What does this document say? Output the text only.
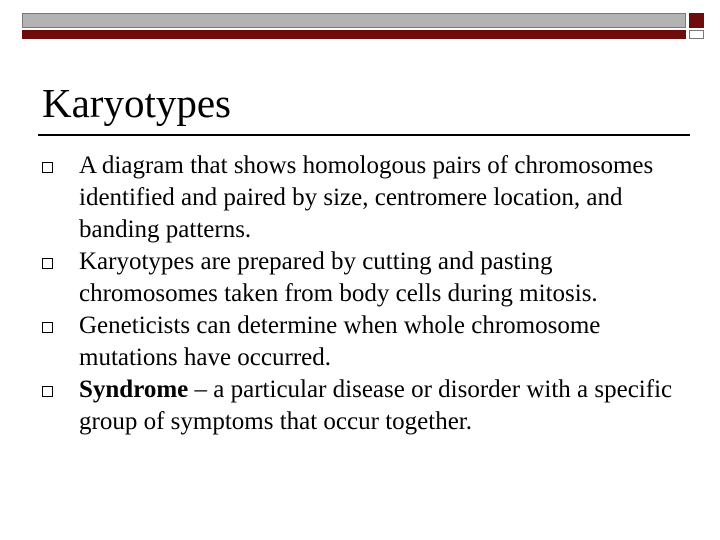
Karyotypes
A diagram that shows homologous pairs of chromosomes identified and paired by size, centromere location, and banding patterns.
Karyotypes are prepared by cutting and pasting chromosomes taken from body cells during mitosis.
Geneticists can determine when whole chromosome mutations have occurred.
Syndrome – a particular disease or disorder with a specific group of symptoms that occur together.
